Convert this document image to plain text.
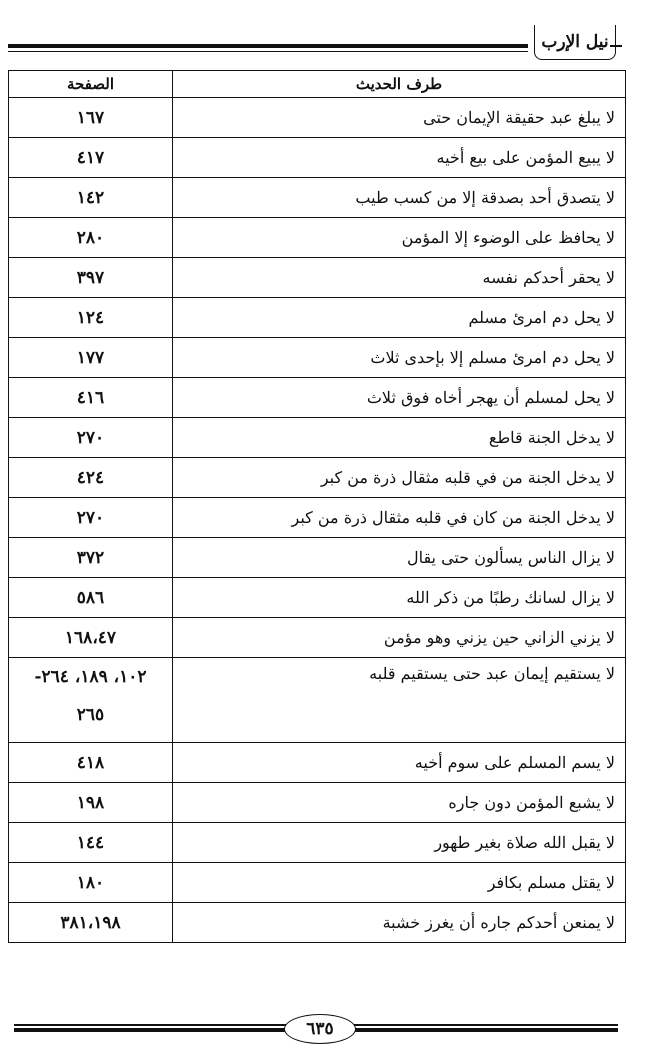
نيل الإرب
طرف الحديث	الصفحة
لا يبلغ عبد حقيقة الإيمان حتى	١٦٧
لا يبيع المؤمن على بيع أخيه	٤١٧
لا يتصدق أحد بصدقة إلا من كسب طيب	١٤٢
لا يحافظ على الوضوء إلا المؤمن	٢٨٠
لا يحقر أحدكم نفسه	٣٩٧
لا يحل دم امرئ مسلم	١٢٤
لا يحل دم امرئ مسلم إلا بإحدى ثلاث	١٧٧
لا يحل لمسلم أن يهجر أخاه فوق ثلاث	٤١٦
لا يدخل الجنة قاطع	٢٧٠
لا يدخل الجنة من في قلبه مثقال ذرة من كبر	٤٢٤
لا يدخل الجنة من كان في قلبه مثقال ذرة من كبر	٢٧٠
لا يزال الناس يسألون حتى يقال	٣٧٢
لا يزال لسانك رطبًا من ذكر الله	٥٨٦
لا يزني الزاني حين يزني وهو مؤمن	١٦٨،٤٧
لا يستقيم إيمان عبد حتى يستقيم قلبه	١٠٢، ١٨٩، ٢٦٤-
٢٦٥

لا يسم المسلم على سوم أخيه	٤١٨
لا يشبع المؤمن دون جاره	١٩٨
لا يقبل الله صلاة بغير طهور	١٤٤
لا يقتل مسلم بكافر	١٨٠
لا يمنعن أحدكم جاره أن يغرز خشبة	٣٨١،١٩٨
٦٣٥
